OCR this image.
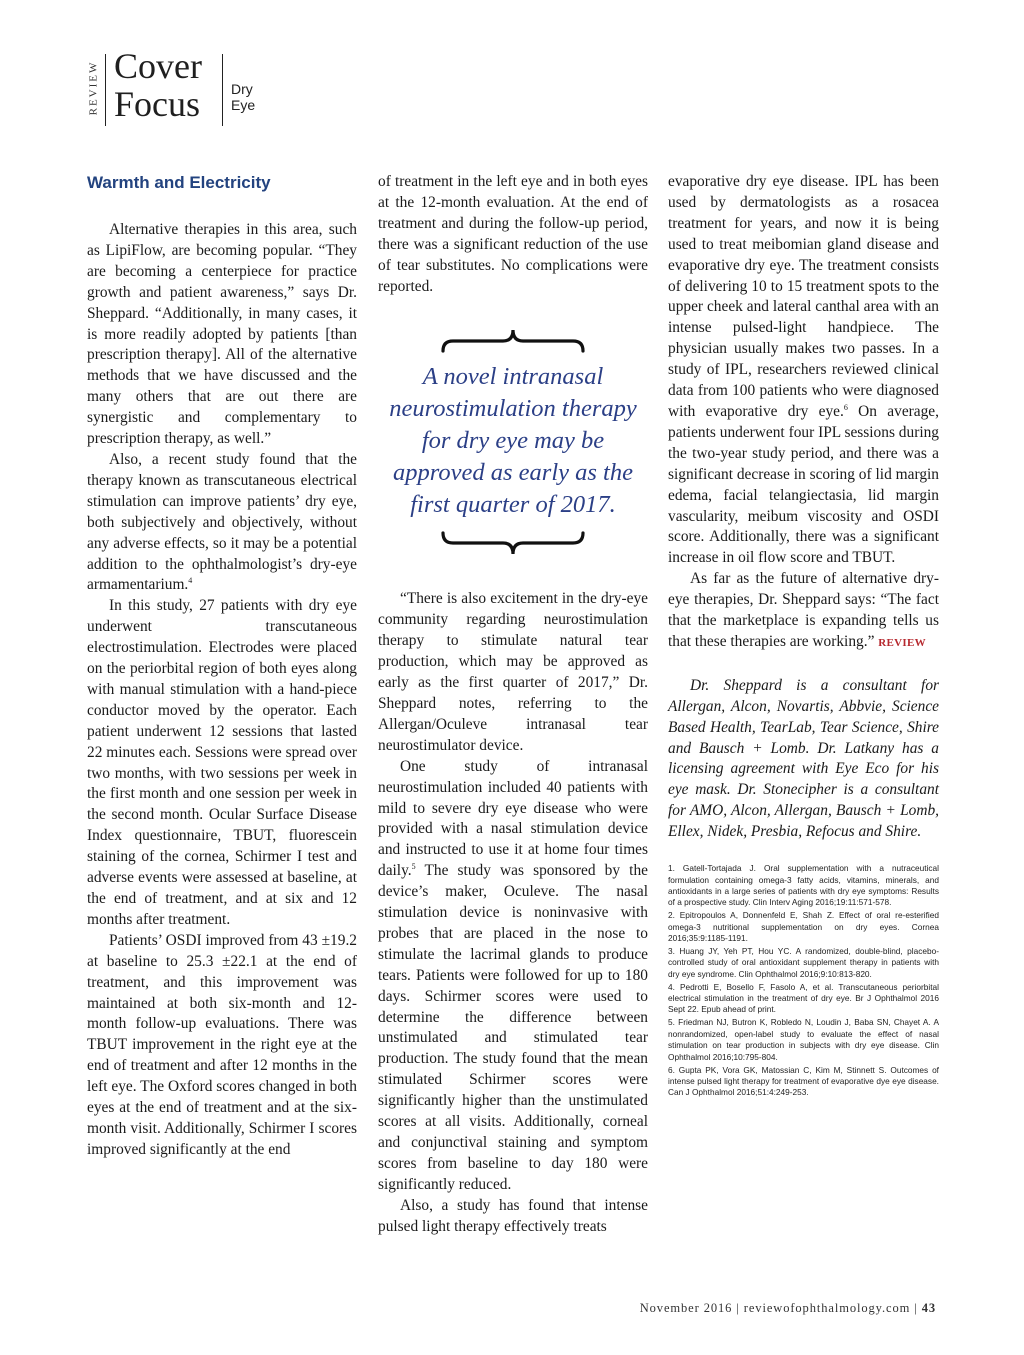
REVIEW Cover
Focus Dry Eye
Warmth and Electricity

Alternative therapies in this area, such as LipiFlow, are becoming popular. “They are becoming a centerpiece for practice growth and patient awareness,” says Dr. Sheppard. “Additionally, in many cases, it is more readily adopted by patients [than prescription therapy]. All of the alternative methods that we have discussed and the many others that are out there are synergistic and complementary to prescription therapy, as well.”

Also, a recent study found that the therapy known as transcutaneous electrical stimulation can improve patients’ dry eye, both subjectively and objectively, without any adverse effects, so it may be a potential addition to the ophthalmologist’s dry-eye armamentarium.$^4$

In this study, 27 patients with dry eye underwent transcutaneous electrostimulation. Electrodes were placed on the periorbital region of both eyes along with manual stimulation with a hand-piece conductor moved by the operator. Each patient underwent 12 sessions that lasted 22 minutes each. Sessions were spread over two months, with two sessions per week in the first month and one session per week in the second month. Ocular Surface Disease Index questionnaire, TBUT, fluorescein staining of the cornea, Schirmer I test and adverse events were assessed at baseline, at the end of treatment, and at six and 12 months after treatment.

Patients’ OSDI improved from 43 ±19.2 at baseline to 25.3 ±22.1 at the end of treatment, and this improvement was maintained at both six-month and 12-month follow-up evaluations. There was TBUT improvement in the right eye at the end of treatment and after 12 months in the left eye. The Oxford scores changed in both eyes at the end of treatment and at the six-month visit. Additionally, Schirmer I scores improved significantly at the end

of treatment in the left eye and in both eyes at the 12-month evaluation. At the end of treatment and during the follow-up period, there was a significant reduction of the use of tear substitutes. No complications were reported.

A novel intranasal neurostimulation therapy for dry eye may be approved as early as the first quarter of 2017.

“There is also excitement in the dry-eye community regarding neurostimulation therapy to stimulate natural tear production, which may be approved as early as the first quarter of 2017,” Dr. Sheppard notes, referring to the Allergan/Oculeve intranasal tear neurostimulator device.

One study of intranasal neurostimulation included 40 patients with mild to severe dry eye disease who were provided with a nasal stimulation device and instructed to use it at home four times daily.$^5$ The study was sponsored by the device’s maker, Oculeve. The nasal stimulation device is noninvasive with probes that are placed in the nose to stimulate the lacrimal glands to produce tears. Patients were followed for up to 180 days. Schirmer scores were used to determine the difference between unstimulated and stimulated tear production. The study found that the mean stimulated Schirmer scores were significantly higher than the unstimulated scores at all visits. Additionally, corneal and conjunctival staining and symptom scores from baseline to day 180 were significantly reduced.

Also, a study has found that intense pulsed light therapy effectively treats

evaporative dry eye disease. IPL has been used by dermatologists as a rosacea treatment for years, and now it is being used to treat meibomian gland disease and evaporative dry eye. The treatment consists of delivering 10 to 15 treatment spots to the upper cheek and lateral canthal area with an intense pulsed-light handpiece. The physician usually makes two passes. In a study of IPL, researchers reviewed clinical data from 100 patients who were diagnosed with evaporative dry eye.$^6$ On average, patients underwent four IPL sessions during the two-year study period, and there was a significant decrease in scoring of lid margin edema, facial telangiectasia, lid margin vascularity, meibum viscosity and OSDI score. Additionally, there was a significant increase in oil flow score and TBUT.

As far as the future of alternative dry-eye therapies, Dr. Sheppard says: “The fact that the marketplace is expanding tells us that these therapies are working.” REVIEW

Dr. Sheppard is a consultant for Allergan, Alcon, Novartis, Abbvie, Science Based Health, TearLab, Tear Science, Shire and Bausch + Lomb. Dr. Latkany has a licensing agreement with Eye Eco for his eye mask. Dr. Stonecipher is a consultant for AMO, Alcon, Allergan, Bausch + Lomb, Ellex, Nidek, Presbia, Refocus and Shire.

1. Gatell-Tortajada J. Oral supplementation with a nutraceutical formulation containing omega-3 fatty acids, vitamins, minerals, and antioxidants in a large series of patients with dry eye symptoms: Results of a prospective study. Clin Interv Aging 2016;19:11:571-578.
2. Epitropoulos A, Donnenfeld E, Shah Z. Effect of oral re-esterified omega-3 nutritional supplementation on dry eyes. Cornea 2016;35:9:1185-1191.
3. Huang JY, Yeh PT, Hou YC. A randomized, double-blind, placebo-controlled study of oral antioxidant supplement therapy in patients with dry eye syndrome. Clin Ophthalmol 2016;9:10:813-820.
4. Pedrotti E, Bosello F, Fasolo A, et al. Transcutaneous periorbital electrical stimulation in the treatment of dry eye. Br J Ophthalmol 2016 Sept 22. Epub ahead of print.
5. Friedman NJ, Butron K, Robledo N, Loudin J, Baba SN, Chayet A. A nonrandomized, open-label study to evaluate the effect of nasal stimulation on tear production in subjects with dry eye disease. Clin Ophthalmol 2016;10:795-804.
6. Gupta PK, Vora GK, Matossian C, Kim M, Stinnett S. Outcomes of intense pulsed light therapy for treatment of evaporative dye eye disease. Can J Ophthalmol 2016;51:4:249-253.
November 2016 | reviewofophthalmology.com | 43
